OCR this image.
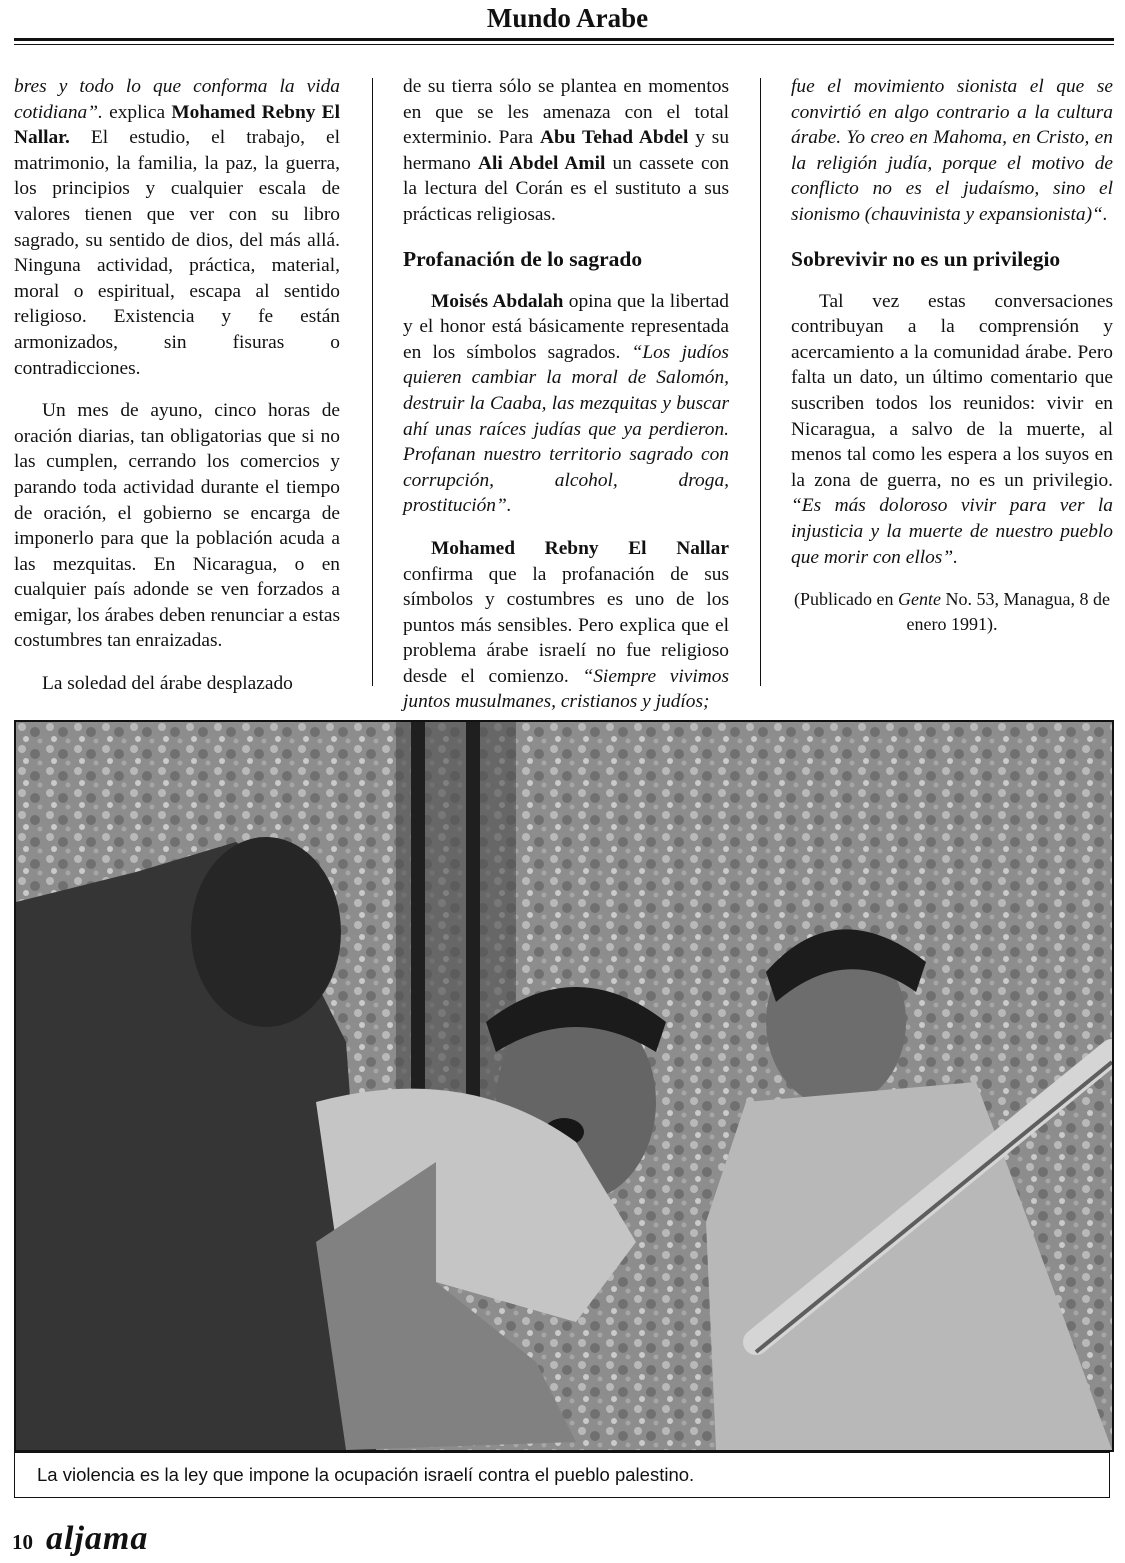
Mundo Arabe

bres y todo lo que conforma la vida cotidiana”. explica Mohamed Rebny El Nallar. El estudio, el trabajo, el matrimonio, la familia, la paz, la guerra, los principios y cualquier escala de valores tienen que ver con su libro sagrado, su sentido de dios, del más allá. Ninguna actividad, práctica, material, moral o espiritual, escapa al sentido religioso. Existencia y fe están armonizados, sin fisuras o contradicciones.

Un mes de ayuno, cinco horas de oración diarias, tan obligatorias que si no las cumplen, cerrando los comercios y parando toda actividad durante el tiempo de oración, el gobierno se encarga de imponerlo para que la población acuda a las mezquitas. En Nicaragua, o en cualquier país adonde se ven forzados a emigar, los árabes deben renunciar a estas costumbres tan enraizadas.

La soledad del árabe desplazado

de su tierra sólo se plantea en momentos en que se les amenaza con el total exterminio. Para Abu Tehad Abdel y su hermano Ali Abdel Amil un cassete con la lectura del Corán es el sustituto a sus prácticas religiosas.

Profanación de lo sagrado

Moisés Abdalah opina que la libertad y el honor está básicamente representada en los símbolos sagrados. “Los judíos quieren cambiar la moral de Salomón, destruir la Caaba, las mezquitas y buscar ahí unas raíces judías que ya perdieron. Profanan nuestro territorio sagrado con corrupción, alcohol, droga, prostitución”.

Mohamed Rebny El Nallar confirma que la profanación de sus símbolos y costumbres es uno de los puntos más sensibles. Pero explica que el problema árabe israelí no fue religioso desde el comienzo. “Siempre vivimos juntos musulmanes, cristianos y judíos;

fue el movimiento sionista el que se convirtió en algo contrario a la cultura árabe. Yo creo en Mahoma, en Cristo, en la religión judía, porque el motivo de conflicto no es el judaísmo, sino el sionismo (chauvinista y expansionista)“.

Sobrevivir no es un privilegio

Tal vez estas conversaciones contribuyan a la comprensión y acercamiento a la comunidad árabe. Pero falta un dato, un último comentario que suscriben todos los reunidos: vivir en Nicaragua, a salvo de la muerte, al menos tal como les espera a los suyos en la zona de guerra, no es un privilegio. “Es más doloroso vivir para ver la injusticia y la muerte de nuestro pueblo que morir con ellos”.

(Publicado en Gente No. 53, Managua, 8 de enero 1991).

La violencia es la ley que impone la ocupación israelí contra el pueblo palestino.
10 aljama
